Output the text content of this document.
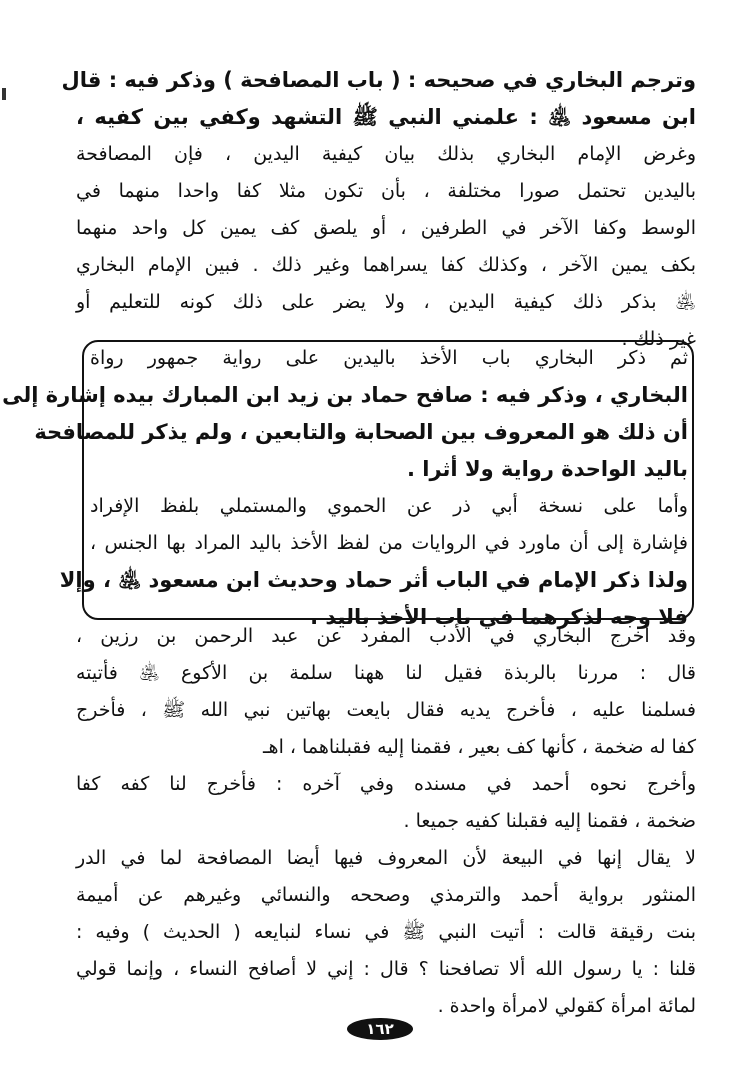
وترجم البخاري في صحيحه : ( باب المصافحة ) وذكر فيه : قال
ابن مسعود ﵁ : علمني النبي ﷺ التشهد وكفي بين كفيه ،
وغرض الإمام البخاري بذلك بيان كيفية اليدين ، فإن المصافحة
باليدين تحتمل صورا مختلفة ، بأن تكون مثلا كفا واحدا منهما في
الوسط وكفا الآخر في الطرفين ، أو يلصق كف يمين كل واحد منهما
بكف يمين الآخر ، وكذلك كفا يسراهما وغير ذلك . فبين الإمام البخاري
﵁ بذكر ذلك كيفية اليدين ، ولا يضر على ذلك كونه للتعليم أو
غير ذلك .
ثم ذكر البخاري باب الأخذ باليدين على رواية جمهور رواة
البخاري ، وذكر فيه : صافح حماد بن زيد ابن المبارك بيده إشارة إلى
أن ذلك هو المعروف بين الصحابة والتابعين ، ولم يذكر للمصافحة
باليد الواحدة رواية ولا أثرا .
وأما على نسخة أبي ذر عن الحموي والمستملي بلفظ الإفراد
فإشارة إلى أن ماورد في الروايات من لفظ الأخذ باليد المراد بها الجنس ،
ولذا ذكر الإمام في الباب أثر حماد وحديث ابن مسعود ﵁ ، وإلا
فلا وجه لذكرهما في باب الأخذ باليد .
وقد أخرج البخاري في الأدب المفرد عن عبد الرحمن بن رزين ،
قال : مررنا بالربذة فقيل لنا ههنا سلمة بن الأكوع ﵁ فأتيته
فسلمنا عليه ، فأخرج يديه فقال بايعت بهاتين نبي الله ﷺ ، فأخرج
كفا له ضخمة ، كأنها كف بعير ، فقمنا إليه فقبلناهما ، اهـ
وأخرج نحوه أحمد في مسنده وفي آخره : فأخرج لنا كفه كفا
ضخمة ، فقمنا إليه فقبلنا كفيه جميعا .
لا يقال إنها في البيعة لأن المعروف فيها أيضا المصافحة لما في الدر
المنثور برواية أحمد والترمذي وصححه والنسائي وغيرهم عن أميمة
بنت رقيقة قالت : أتيت النبي ﷺ في نساء لنبايعه ( الحديث ) وفيه :
قلنا : يا رسول الله ألا تصافحنا ؟ قال : إني لا أصافح النساء ، وإنما قولي
لمائة امرأة كقولي لامرأة واحدة .
١٦٢
